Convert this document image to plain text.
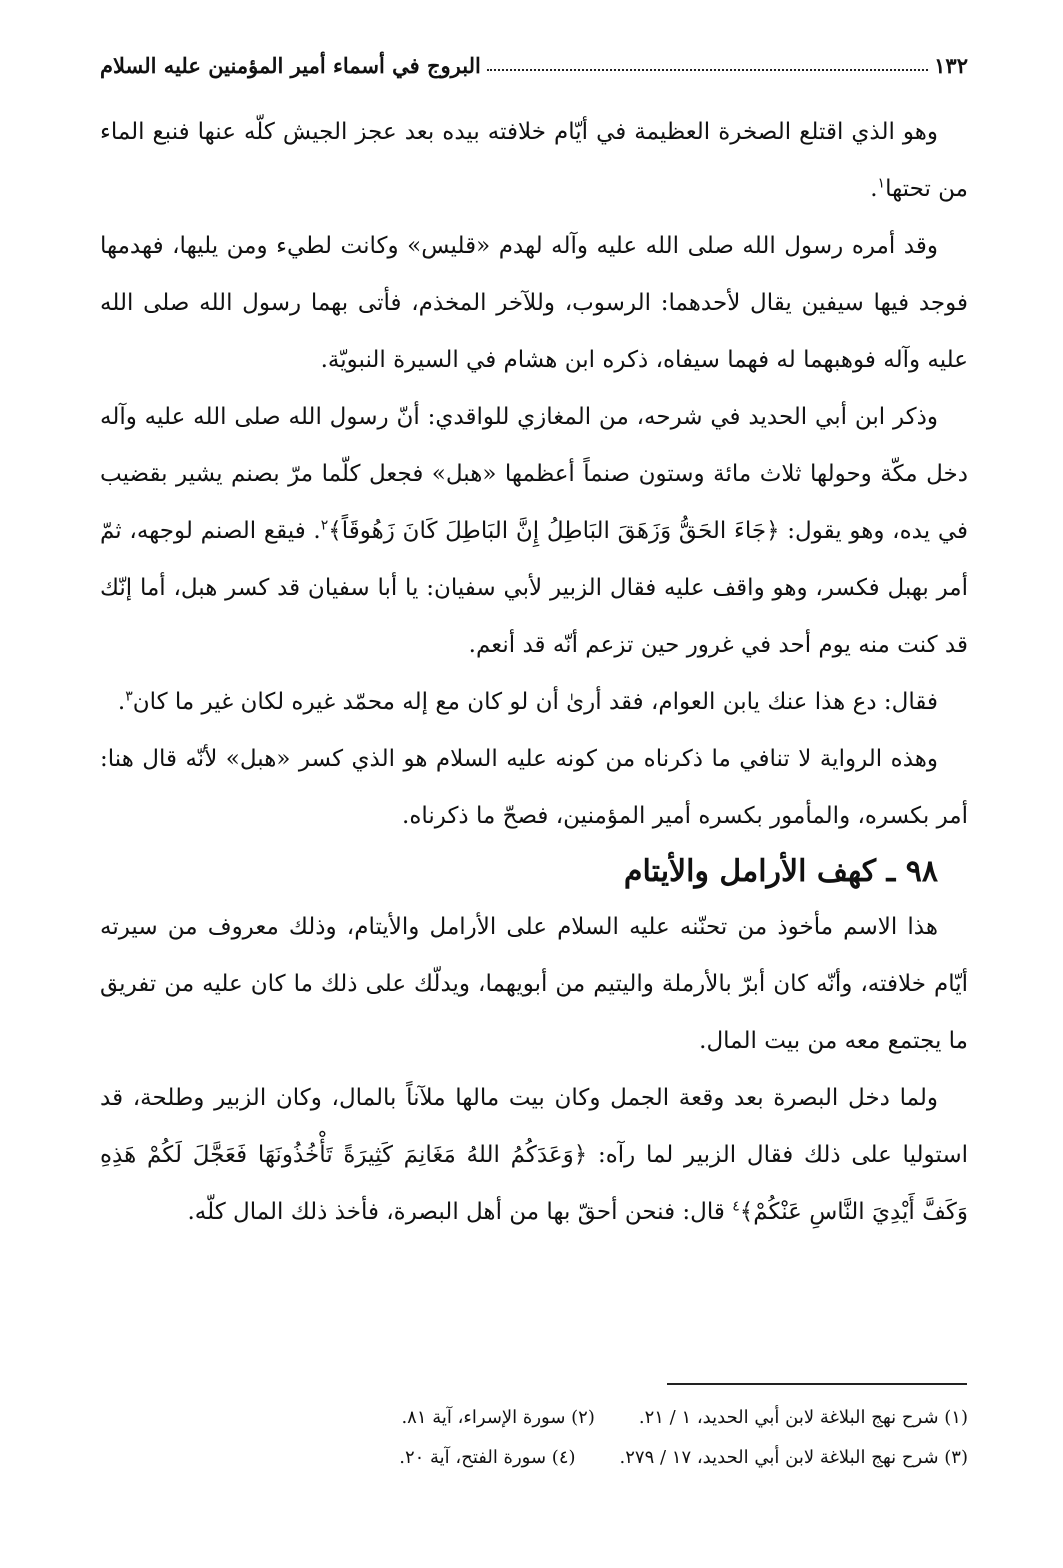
١٣٢
البروج في أسماء أمير المؤمنين عليه السلام

وهو الذي اقتلع الصخرة العظيمة في أيّام خلافته بيده بعد عجز الجيش كلّه عنها فنبع الماء من تحتها$^١$.

وقد أمره رسول الله صلى الله عليه وآله لهدم «قليس» وكانت لطيء ومن يليها، فهدمها فوجد فيها سيفين يقال لأحدهما: الرسوب، وللآخر المخذم، فأتى بهما رسول الله صلى الله عليه وآله فوهبهما له فهما سيفاه، ذكره ابن هشام في السيرة النبويّة.

وذكر ابن أبي الحديد في شرحه، من المغازي للواقدي: أنّ رسول الله صلى الله عليه وآله دخل مكّة وحولها ثلاث مائة وستون صنماً أعظمها «هبل» فجعل كلّما مرّ بصنم يشير بقضيب في يده، وهو يقول: ﴿جَاءَ الحَقُّ وَزَهَقَ البَاطِلُ إِنَّ البَاطِلَ كَانَ زَهُوقَاً﴾$^٢$. فيقع الصنم لوجهه، ثمّ أمر بهبل فكسر، وهو واقف عليه فقال الزبير لأبي سفيان: يا أبا سفيان قد كسر هبل، أما إنّك قد كنت منه يوم أحد في غرور حين تزعم أنّه قد أنعم.

فقال: دع هذا عنك يابن العوام، فقد أرىٰ أن لو كان مع إله محمّد غيره لكان غير ما كان$^٣$.

وهذه الرواية لا تنافي ما ذكرناه من كونه عليه السلام هو الذي كسر «هبل» لأنّه قال هنا: أمر بكسره، والمأمور بكسره أمير المؤمنين، فصحّ ما ذكرناه.

٩٨ ـ كهف الأرامل والأيتام

هذا الاسم مأخوذ من تحنّنه عليه السلام على الأرامل والأيتام، وذلك معروف من سيرته أيّام خلافته، وأنّه كان أبرّ بالأرملة واليتيم من أبويهما، ويدلّك على ذلك ما كان عليه من تفريق ما يجتمع معه من بيت المال.

ولما دخل البصرة بعد وقعة الجمل وكان بيت مالها ملآناً بالمال، وكان الزبير وطلحة، قد استوليا على ذلك فقال الزبير لما رآه: ﴿وَعَدَكُمُ اللهُ مَغَانِمَ كَثِيرَةً تَأْخُذُونَهَا فَعَجَّلَ لَكُمْ هَذِهِ وَكَفَّ أَيْدِيَ النَّاسِ عَنْكُمْ﴾$^٤$ قال: فنحن أحقّ بها من أهل البصرة، فأخذ ذلك المال كلّه.

(١) شرح نهج البلاغة لابن أبي الحديد، ١ / ٢١.
(٢) سورة الإسراء، آية ٨١.
(٣) شرح نهج البلاغة لابن أبي الحديد، ١٧ / ٢٧٩.
(٤) سورة الفتح، آية ٢٠.
